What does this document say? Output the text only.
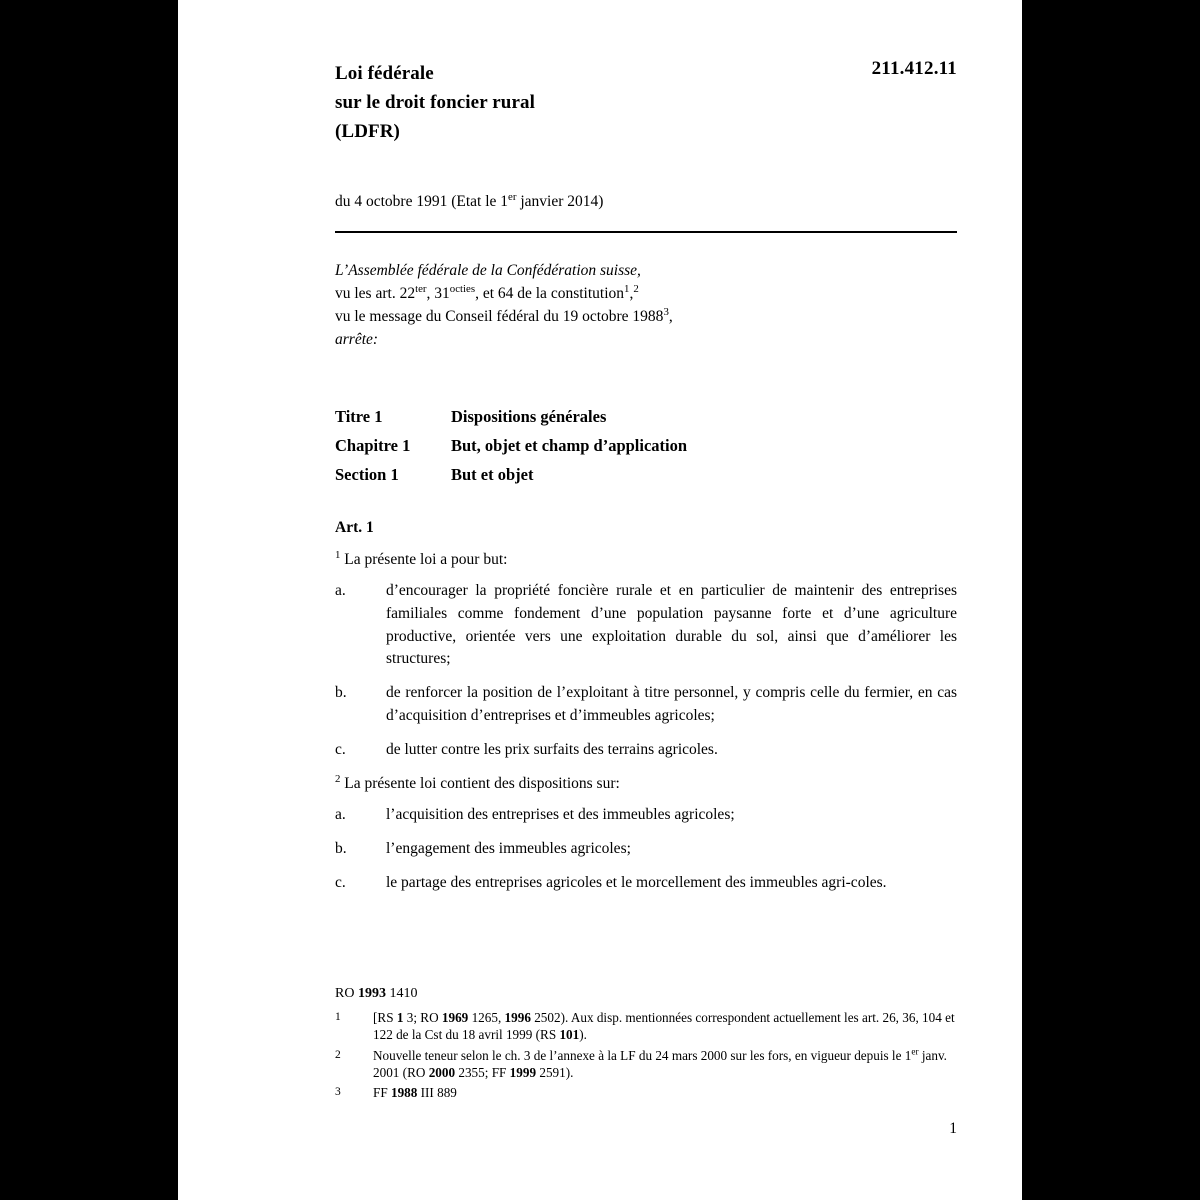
Loi fédérale
sur le droit foncier rural
(LDFR)
211.412.11
du 4 octobre 1991 (Etat le 1er janvier 2014)
L’Assemblée fédérale de la Confédération suisse,
vu les art. $22^{ter}$, $31^{octies}$, et 64 de la constitution$^1$,$^2$
vu le message du Conseil fédéral du 19 octobre 1988$^3$,
arrête:
Titre 1	Dispositions générales
Chapitre 1	But, objet et champ d’application
Section 1	But et objet
Art. 1
$^1$ La présente loi a pour but:
a.	d’encourager la propriété foncière rurale et en particulier de maintenir des entreprises familiales comme fondement d’une population paysanne forte et d’une agriculture productive, orientée vers une exploitation durable du sol, ainsi que d’améliorer les structures;
b.	de renforcer la position de l’exploitant à titre personnel, y compris celle du fermier, en cas d’acquisition d’entreprises et d’immeubles agricoles;
c.	de lutter contre les prix surfaits des terrains agricoles.
$^2$ La présente loi contient des dispositions sur:
a.	l’acquisition des entreprises et des immeubles agricoles;
b.	l’engagement des immeubles agricoles;
c.	le partage des entreprises agricoles et le morcellement des immeubles agri-coles.
RO 1993 1410
1	[RS 1 3; RO 1969 1265, 1996 2502). Aux disp. mentionnées correspondent actuellement les art. 26, 36, 104 et 122 de la Cst du 18 avril 1999 (RS 101).
2	Nouvelle teneur selon le ch. 3 de l’annexe à la LF du 24 mars 2000 sur les fors, en vigueur depuis le 1er janv. 2001 (RO 2000 2355; FF 1999 2591).
3	FF 1988 III 889
1
